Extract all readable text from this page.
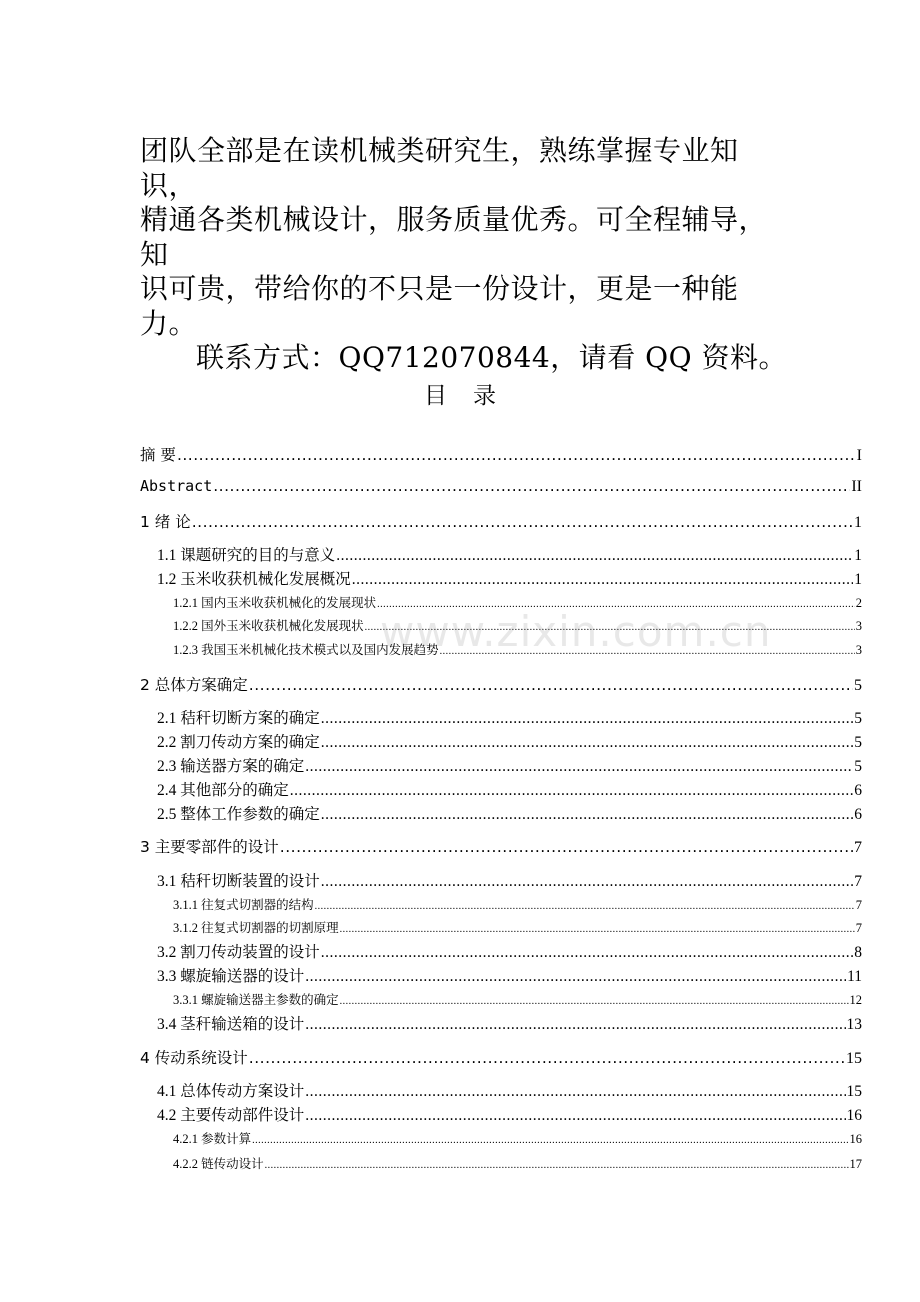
团队全部是在读机械类研究生，熟练掌握专业知识，

精通各类机械设计，服务质量优秀。可全程辅导，知

识可贵，带给你的不只是一份设计，更是一种能力。

联系方式：QQ712070844，请看 QQ 资料。

目录
摘 要 .....	I
Abstract .....	II
1 绪 论 .....	1
1.1 课题研究的目的与意义 .....	1
1.2 玉米收获机械化发展概况 .....	1
1.2.1 国内玉米收获机械化的发展现状 .....	2
1.2.2 国外玉米收获机械化发展现状 .....	3
1.2.3 我国玉米机械化技术模式以及国内发展趋势 .....	3
2 总体方案确定 .....	5
2.1 秸秆切断方案的确定 .....	5
2.2 割刀传动方案的确定 .....	5
2.3 输送器方案的确定 .....	5
2.4 其他部分的确定 .....	6
2.5 整体工作参数的确定 .....	6
3 主要零部件的设计 .....	7
3.1 秸秆切断装置的设计 .....	7
3.1.1 往复式切割器的结构 .....	7
3.1.2 往复式切割器的切割原理 .....	7
3.2 割刀传动装置的设计 .....	8
3.3 螺旋输送器的设计 .....	11
3.3.1 螺旋输送器主参数的确定 .....	12
3.4 茎秆输送箱的设计 .....	13
4 传动系统设计 .....	15
4.1 总体传动方案设计 .....	15
4.2 主要传动部件设计 .....	16
4.2.1 参数计算 .....	16
4.2.2 链传动设计 .....	17
www.zixin.com.cn
